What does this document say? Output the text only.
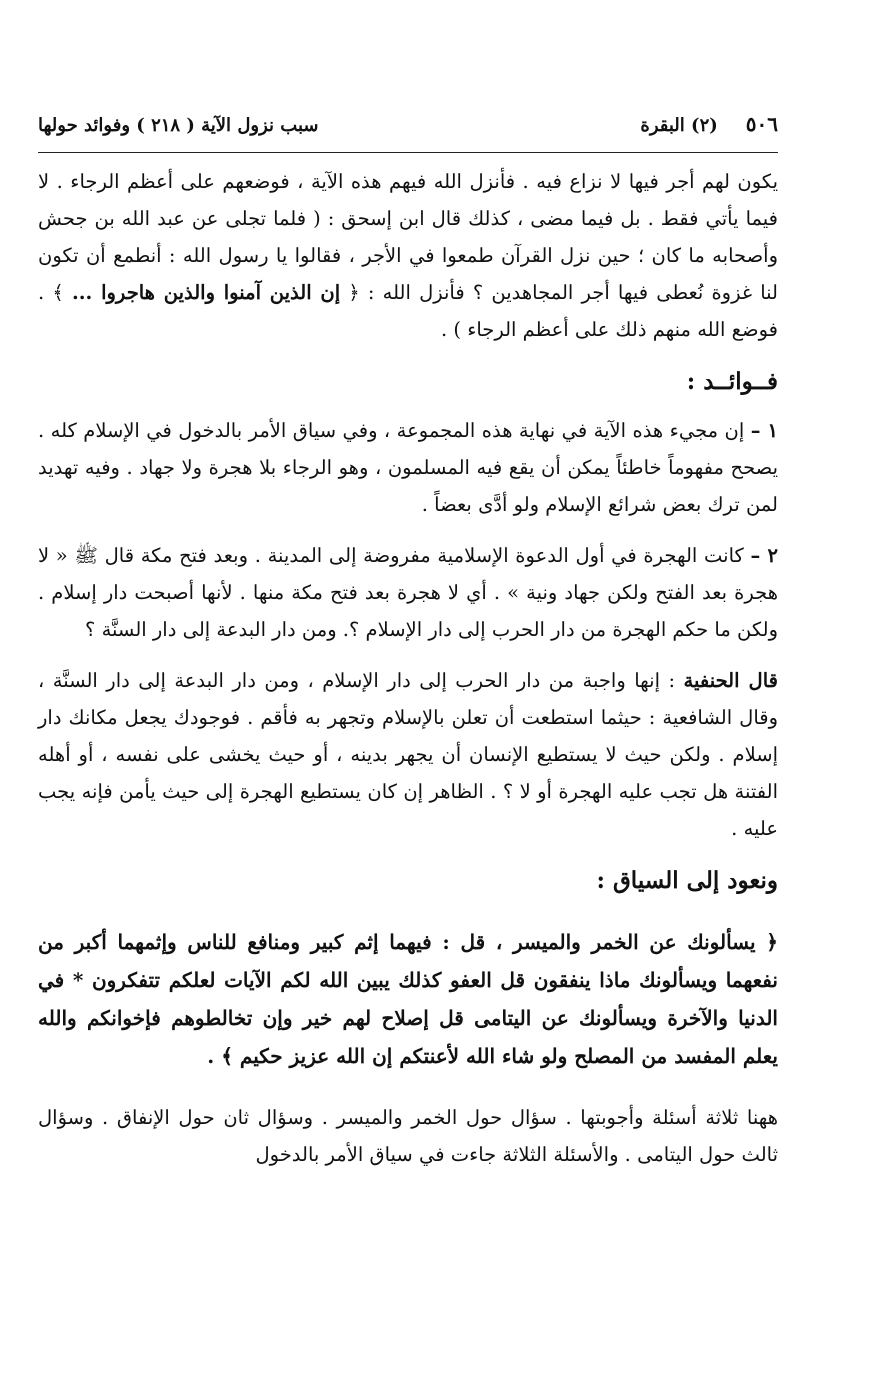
٥٠٦
(٢) البقرة
سبب نزول الآية ( ٢١٨ ) وفوائد حولها

يكون لهم أجر فيها لا نزاع فيه . فأنزل الله فيهم هذه الآية ، فوضعهم على أعظم الرجاء . لا فيما يأتي فقط . بل فيما مضى ، كذلك قال ابن إسحق : ( فلما تجلى عن عبد الله بن جحش وأصحابه ما كان ؛ حين نزل القرآن طمعوا في الأجر ، فقالوا يا رسول الله : أنطمع أن تكون لنا غزوة نُعطى فيها أجر المجاهدين ؟ فأنزل الله : ﴿ إن الذين آمنوا والذين هاجروا ... ﴾ . فوضع الله منهم ذلك على أعظم الرجاء ) .

فــوائــد :

١ – إن مجيء هذه الآية في نهاية هذه المجموعة ، وفي سياق الأمر بالدخول في الإسلام كله . يصحح مفهوماً خاطئاً يمكن أن يقع فيه المسلمون ، وهو الرجاء بلا هجرة ولا جهاد . وفيه تهديد لمن ترك بعض شرائع الإسلام ولو أدَّى بعضاً .

٢ – كانت الهجرة في أول الدعوة الإسلامية مفروضة إلى المدينة . وبعد فتح مكة قال ﷺ « لا هجرة بعد الفتح ولكن جهاد ونية » . أي لا هجرة بعد فتح مكة منها . لأنها أصبحت دار إسلام . ولكن ما حكم الهجرة من دار الحرب إلى دار الإسلام ؟. ومن دار البدعة إلى دار السنَّة ؟

قال الحنفية : إنها واجبة من دار الحرب إلى دار الإسلام ، ومن دار البدعة إلى دار السنَّة ، وقال الشافعية : حيثما استطعت أن تعلن بالإسلام وتجهر به فأقم . فوجودك يجعل مكانك دار إسلام . ولكن حيث لا يستطيع الإنسان أن يجهر بدينه ، أو حيث يخشى على نفسه ، أو أهله الفتنة هل تجب عليه الهجرة أو لا ؟ . الظاهر إن كان يستطيع الهجرة إلى حيث يأمن فإنه يجب عليه .

ونعود إلى السياق :

﴿ يسألونك عن الخمر والميسر ، قل : فيهما إثم كبير ومنافع للناس وإثمهما أكبر من نفعهما ويسألونك ماذا ينفقون قل العفو كذلك يبين الله لكم الآيات لعلكم تتفكرون * في الدنيا والآخرة ويسألونك عن اليتامى قل إصلاح لهم خير وإن تخالطوهم فإخوانكم والله يعلم المفسد من المصلح ولو شاء الله لأعنتكم إن الله عزيز حكيم ﴾ .

ههنا ثلاثة أسئلة وأجوبتها . سؤال حول الخمر والميسر . وسؤال ثان حول الإنفاق . وسؤال ثالث حول اليتامى . والأسئلة الثلاثة جاءت في سياق الأمر بالدخول
